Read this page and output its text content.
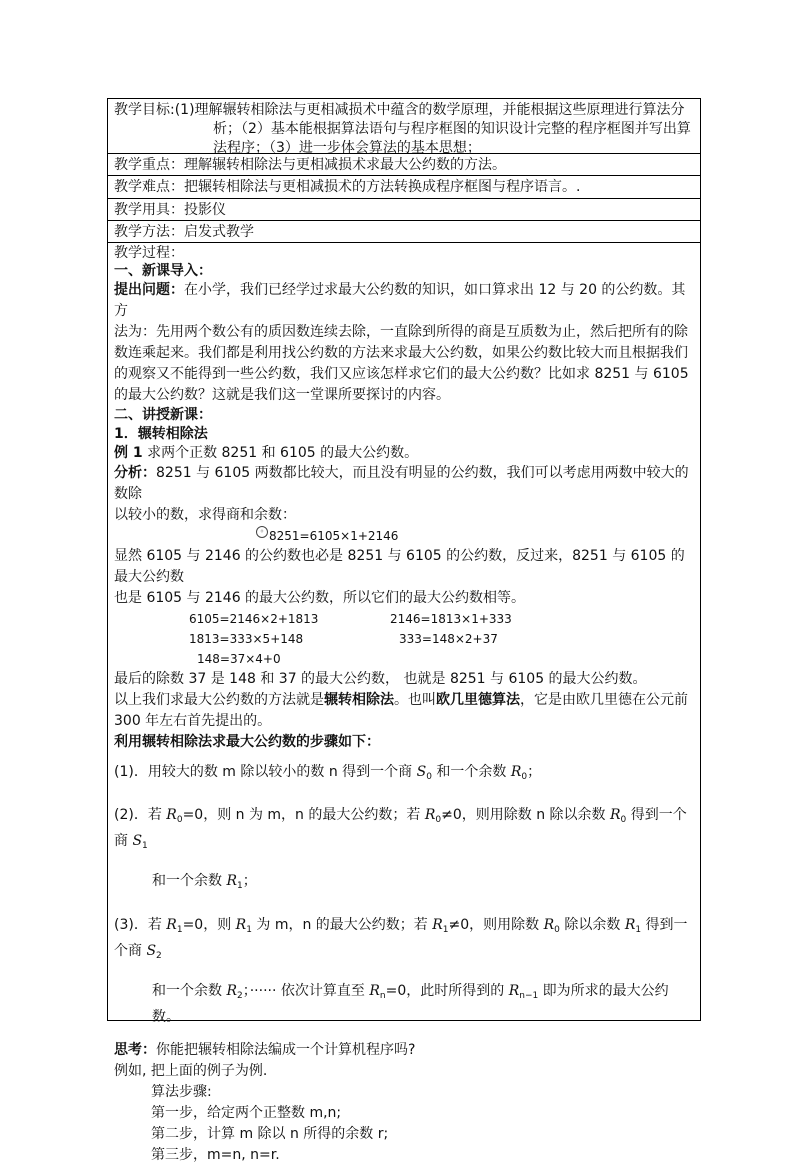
教学目标:(1)理解辗转相除法与更相减损术中蕴含的数学原理，并能根据这些原理进行算法分
析；（2）基本能根据算法语句与程序框图的知识设计完整的程序框图并写出算
法程序；（3）进一步体会算法的基本思想；
教学重点：理解辗转相除法与更相减损术求最大公约数的方法。
教学难点：把辗转相除法与更相减损术的方法转换成程序框图与程序语言。.
教学用具：投影仪
教学方法：启发式教学

教学过程：

一、新课导入：

提出问题：在小学，我们已经学过求最大公约数的知识，如口算求出 12 与 20 的公约数。其方

法为：先用两个数公有的质因数连续去除，一直除到所得的商是互质数为止，然后把所有的除

数连乘起来。我们都是利用找公约数的方法来求最大公约数，如果公约数比较大而且根据我们

的观察又不能得到一些公约数，我们又应该怎样求它们的最大公约数？比如求 8251 与 6105

的最大公约数？这就是我们这一堂课所要探讨的内容。

二、讲授新课：

1．辗转相除法

例 1 求两个正数 8251 和 6105 的最大公约数。

分析：8251 与 6105 两数都比较大，而且没有明显的公约数，我们可以考虑用两数中较大的数除

以较小的数，求得商和余数：

◦ 8251=6105×1+2146

显然 6105 与 2146 的公约数也必是 8251 与 6105 的公约数，反过来，8251 与 6105 的最大公约数

也是 6105 与 2146 的最大公约数，所以它们的最大公约数相等。

6105=2146×2+1813	2146=1813×1+333
1813=333×5+148	333=148×2+37
148=37×4+0

最后的除数 37 是 148 和 37 的最大公约数， 也就是 8251 与 6105 的最大公约数。

以上我们求最大公约数的方法就是辗转相除法。也叫欧几里德算法，它是由欧几里德在公元前

300 年左右首先提出的。

利用辗转相除法求最大公约数的步骤如下：

(1)．用较大的数 m 除以较小的数 n 得到一个商 $S_0$ 和一个余数 $R_0$；

(2)．若 $R_0=0$，则 n 为 m，n 的最大公约数；若 $R_0\ne 0$，则用除数 n 除以余数 $R_0$ 得到一个商 $S_1$

和一个余数 $R_1$；

(3)．若 $R_1=0$，则 $R_1$ 为 m，n 的最大公约数；若 $R_1\ne 0$，则用除数 $R_0$ 除以余数 $R_1$ 得到一个商 $S_2$

和一个余数 $R_2$；······ 依次计算直至 $R_n=0$，此时所得到的 $R_{n-1}$ 即为所求的最大公约数。

思考：你能把辗转相除法编成一个计算机程序吗?

例如, 把上面的例子为例.

算法步骤:

第一步，给定两个正整数 m,n;

第二步，计算 m 除以 n 所得的余数 r;

第三步，m=n, n=r.
